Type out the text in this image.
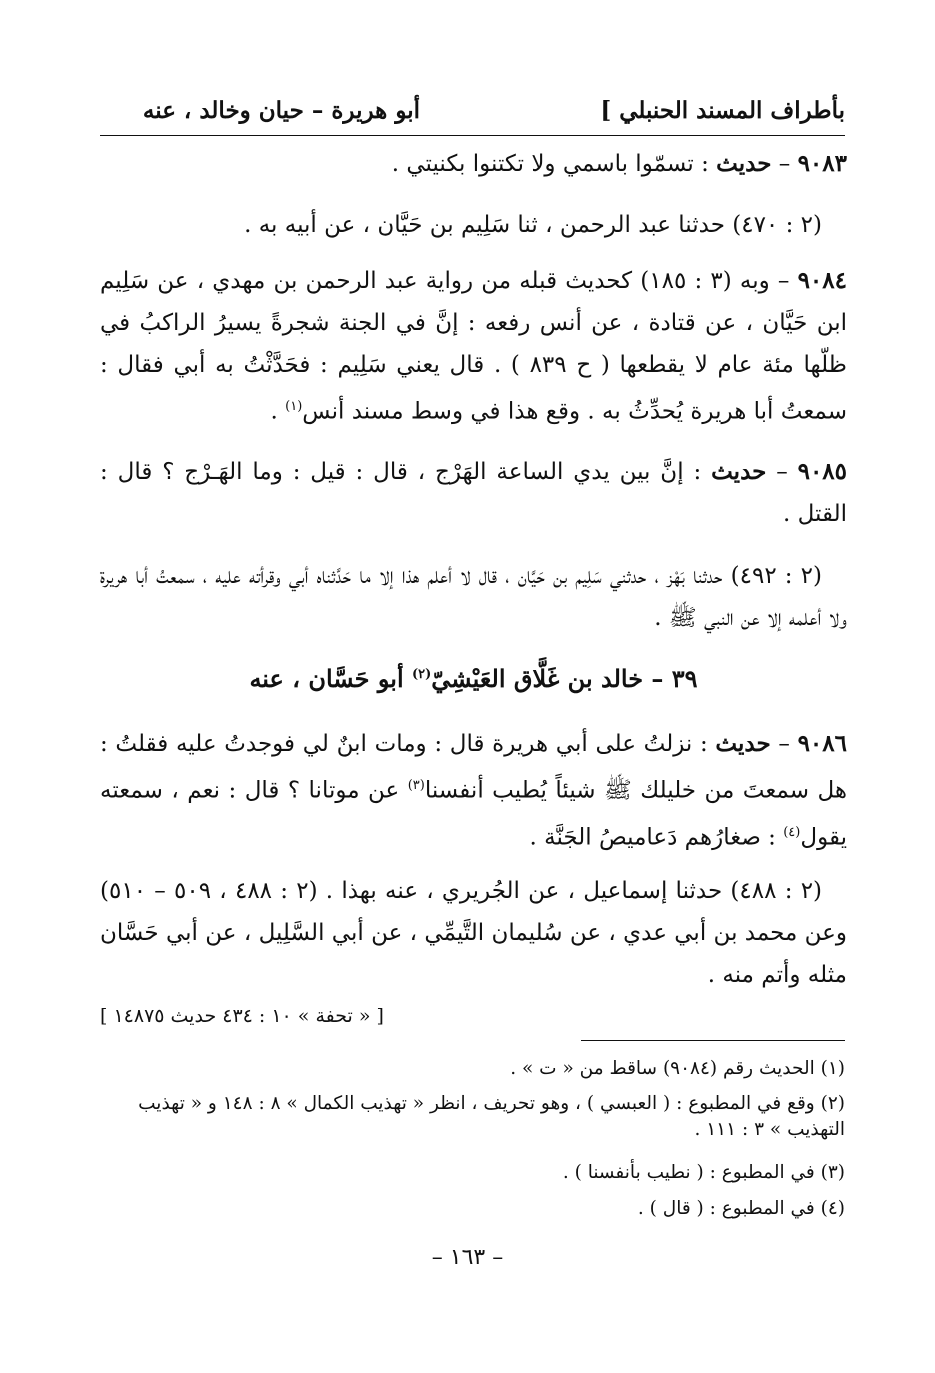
بأطراف المسند الحنبلي ]
أبو هريرة – حيان وخالد ، عنه

٩٠٨٣ – حديث : تسمّوا باسمي ولا تكتنوا بكنيتي .

(٢ : ٤٧٠) حدثنا عبد الرحمن ، ثنا سَلِيم بن حَيَّان ، عن أبيه به .

٩٠٨٤ – وبه (٣ : ١٨٥) كحديث قبله من رواية عبد الرحمن بن مهدي ، عن سَلِيم ابن حَيَّان ، عن قتادة ، عن أنس رفعه : إنَّ في الجنة شجرةً يسيرُ الراكبُ في ظلّها مئة عام لا يقطعها ( ح ٨٣٩ ) . قال يعني سَلِيم : فحَدَّثْتُ به أبي فقال : سمعتُ أبا هريرة يُحدِّثُ به . وقع هذا في وسط مسند أنس$^{(١)}$ .

٩٠٨٥ – حديث : إنَّ بين يدي الساعة الهَرْج ، قال : قيل : وما الهَـرْج ؟ قال : القتل .

(٢ : ٤٩٢) حدثنا بَهْز ، حدثني سَلِيم بن حَيَّان ، قال لا أعلم هذا إلا ما حَدَّثناه أبي وقرأته عليه ، سمعتُ أبا هريرة ولا أعلمه إلا عن النبي ﷺ .

٣٩ – خالد بن غَلَّاق العَيْشِيّ$^{(٢)}$ أبو حَسَّان ، عنه

٩٠٨٦ – حديث : نزلتُ على أبي هريرة قال : ومات ابنٌ لي فوجدتُ عليه فقلتُ : هل سمعتَ من خليلك ﷺ شيئاً يُطيب أنفسنا$^{(٣)}$ عن موتانا ؟ قال : نعم ، سمعته يقول$^{(٤)}$ : صغارُهم دَعاميصُ الجَنَّة .

(٢ : ٤٨٨) حدثنا إسماعيل ، عن الجُريري ، عنه بهذا . (٢ : ٤٨٨ ، ٥٠٩ – ٥١٠) وعن محمد بن أبي عدي ، عن سُليمان التَّيمِّي ، عن أبي السَّلِيل ، عن أبي حَسَّان مثله وأتم منه .

[ « تحفة » ١٠ : ٤٣٤ حديث ١٤٨٧٥ ]

(١) الحديث رقم (٩٠٨٤) ساقط من « ت » .

(٢) وقع في المطبوع : ( العبسي ) ، وهو تحريف ، انظر « تهذيب الكمال » ٨ : ١٤٨ و « تهذيب التهذيب » ٣ : ١١١ .

(٣) في المطبوع : ( نطيب بأنفسنا ) .

(٤) في المطبوع : ( قال ) .

– ١٦٣ –
